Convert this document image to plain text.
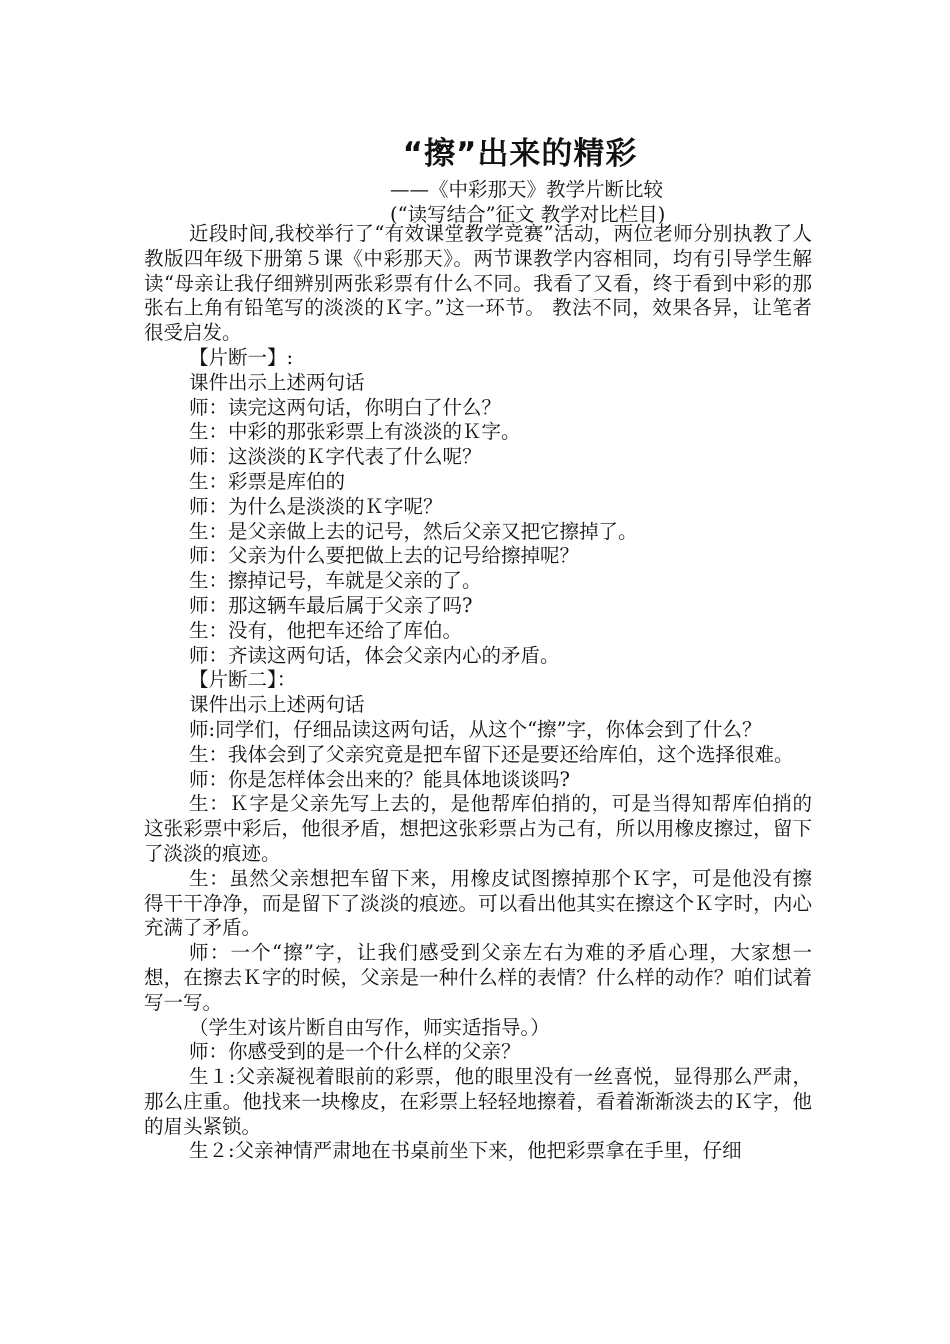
“擦”出来的精彩
——《中彩那天》教学片断比较
(“读写结合”征文 教学对比栏目)

近段时间,我校举行了“有效课堂教学竞赛”活动，两位老师分别执教了人教版四年级下册第５课《中彩那天》。两节课教学内容相同，均有引导学生解读“母亲让我仔细辨别两张彩票有什么不同。我看了又看，终于看到中彩的那张右上角有铅笔写的淡淡的Ｋ字。”这一环节。 教法不同，效果各异，让笔者很受启发。

【片断一】:

课件出示上述两句话

师：读完这两句话，你明白了什么？

生：中彩的那张彩票上有淡淡的Ｋ字。

师：这淡淡的Ｋ字代表了什么呢？

生：彩票是库伯的

师：为什么是淡淡的Ｋ字呢？

生：是父亲做上去的记号，然后父亲又把它擦掉了。

师：父亲为什么要把做上去的记号给擦掉呢？

生：擦掉记号，车就是父亲的了。

师：那这辆车最后属于父亲了吗?

生：没有，他把车还给了库伯。

师：齐读这两句话，体会父亲内心的矛盾。

【片断二】：

课件出示上述两句话

师:同学们，仔细品读这两句话，从这个“擦”字，你体会到了什么？

生：我体会到了父亲究竟是把车留下还是要还给库伯，这个选择很难。

师：你是怎样体会出来的？能具体地谈谈吗?

生：Ｋ字是父亲先写上去的，是他帮库伯捎的，可是当得知帮库伯捎的这张彩票中彩后，他很矛盾，想把这张彩票占为己有，所以用橡皮擦过，留下了淡淡的痕迹。

生：虽然父亲想把车留下来，用橡皮试图擦掉那个Ｋ字，可是他没有擦得干干净净，而是留下了淡淡的痕迹。可以看出他其实在擦这个Ｋ字时，内心充满了矛盾。

师：一个“擦”字，让我们感受到父亲左右为难的矛盾心理，大家想一想，在擦去Ｋ字的时候，父亲是一种什么样的表情？什么样的动作？咱们试着写一写。

（学生对该片断自由写作，师实适指导。）

师：你感受到的是一个什么样的父亲？

生１:父亲凝视着眼前的彩票，他的眼里没有一丝喜悦，显得那么严肃，那么庄重。他找来一块橡皮，在彩票上轻轻地擦着，看着渐渐淡去的Ｋ字，他的眉头紧锁。

生２:父亲神情严肃地在书桌前坐下来，他把彩票拿在手里，仔细
